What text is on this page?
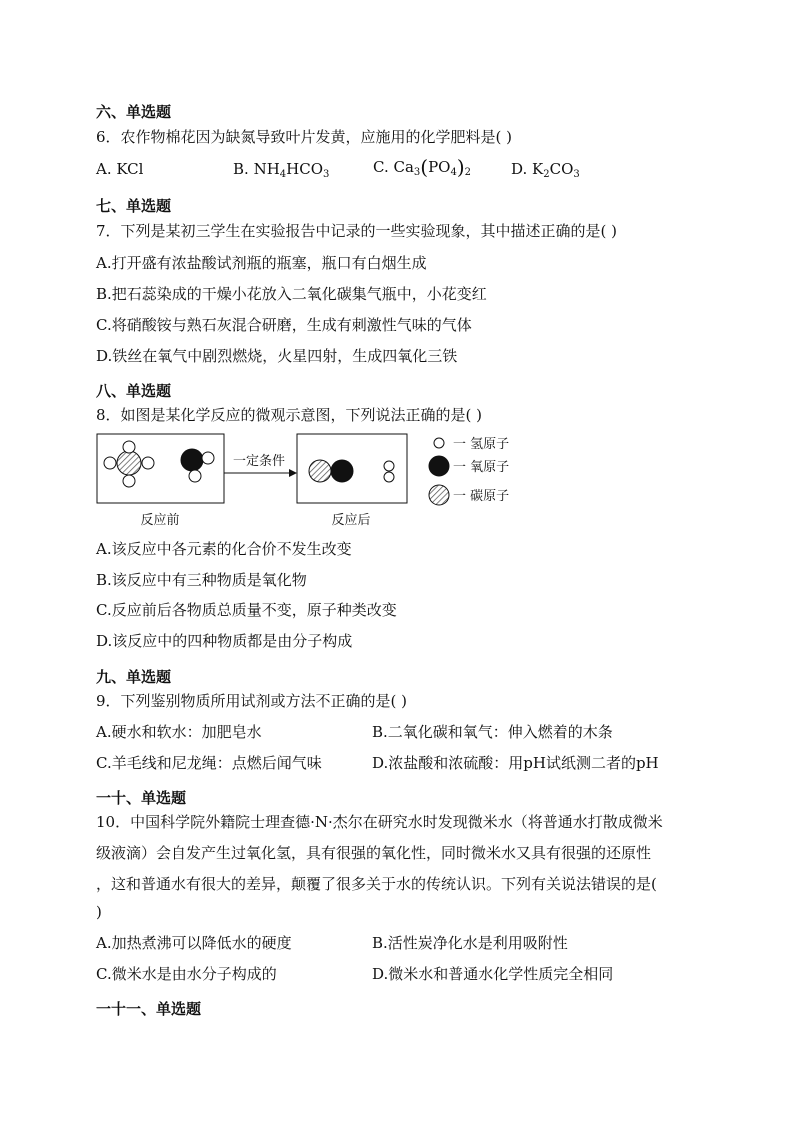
六、单选题
6．农作物棉花因为缺氮导致叶片发黄，应施用的化学肥料是( )
A. KCl	B. $NH_4HCO_3$	C. $Ca_3(PO_4)_2$	D. $K_2CO_3$
七、单选题
7．下列是某初三学生在实验报告中记录的一些实验现象，其中描述正确的是( )
A.打开盛有浓盐酸试剂瓶的瓶塞，瓶口有白烟生成
B.把石蕊染成的干燥小花放入二氧化碳集气瓶中，小花变红
C.将硝酸铵与熟石灰混合研磨，生成有刺激性气味的气体
D.铁丝在氧气中剧烈燃烧，火星四射，生成四氧化三铁
八、单选题
8．如图是某化学反应的微观示意图，下列说法正确的是( )
一定条件
反应前	反应后
一 氢原子
一 氧原子
一 碳原子
A.该反应中各元素的化合价不发生改变
B.该反应中有三种物质是氧化物
C.反应前后各物质总质量不变，原子种类改变
D.该反应中的四种物质都是由分子构成
九、单选题
9．下列鉴别物质所用试剂或方法不正确的是( )
A.硬水和软水：加肥皂水	B.二氧化碳和氧气：伸入燃着的木条
C.羊毛线和尼龙绳：点燃后闻气味	D.浓盐酸和浓硫酸：用pH试纸测二者的pH
一十、单选题
10．中国科学院外籍院士理查德·N·杰尔在研究水时发现微米水（将普通水打散成微米
级液滴）会自发产生过氧化氢，具有很强的氧化性，同时微米水又具有很强的还原性
，这和普通水有很大的差异，颠覆了很多关于水的传统认识。下列有关说法错误的是(
)
A.加热煮沸可以降低水的硬度	B.活性炭净化水是利用吸附性
C.微米水是由水分子构成的	D.微米水和普通水化学性质完全相同
一十一、单选题
